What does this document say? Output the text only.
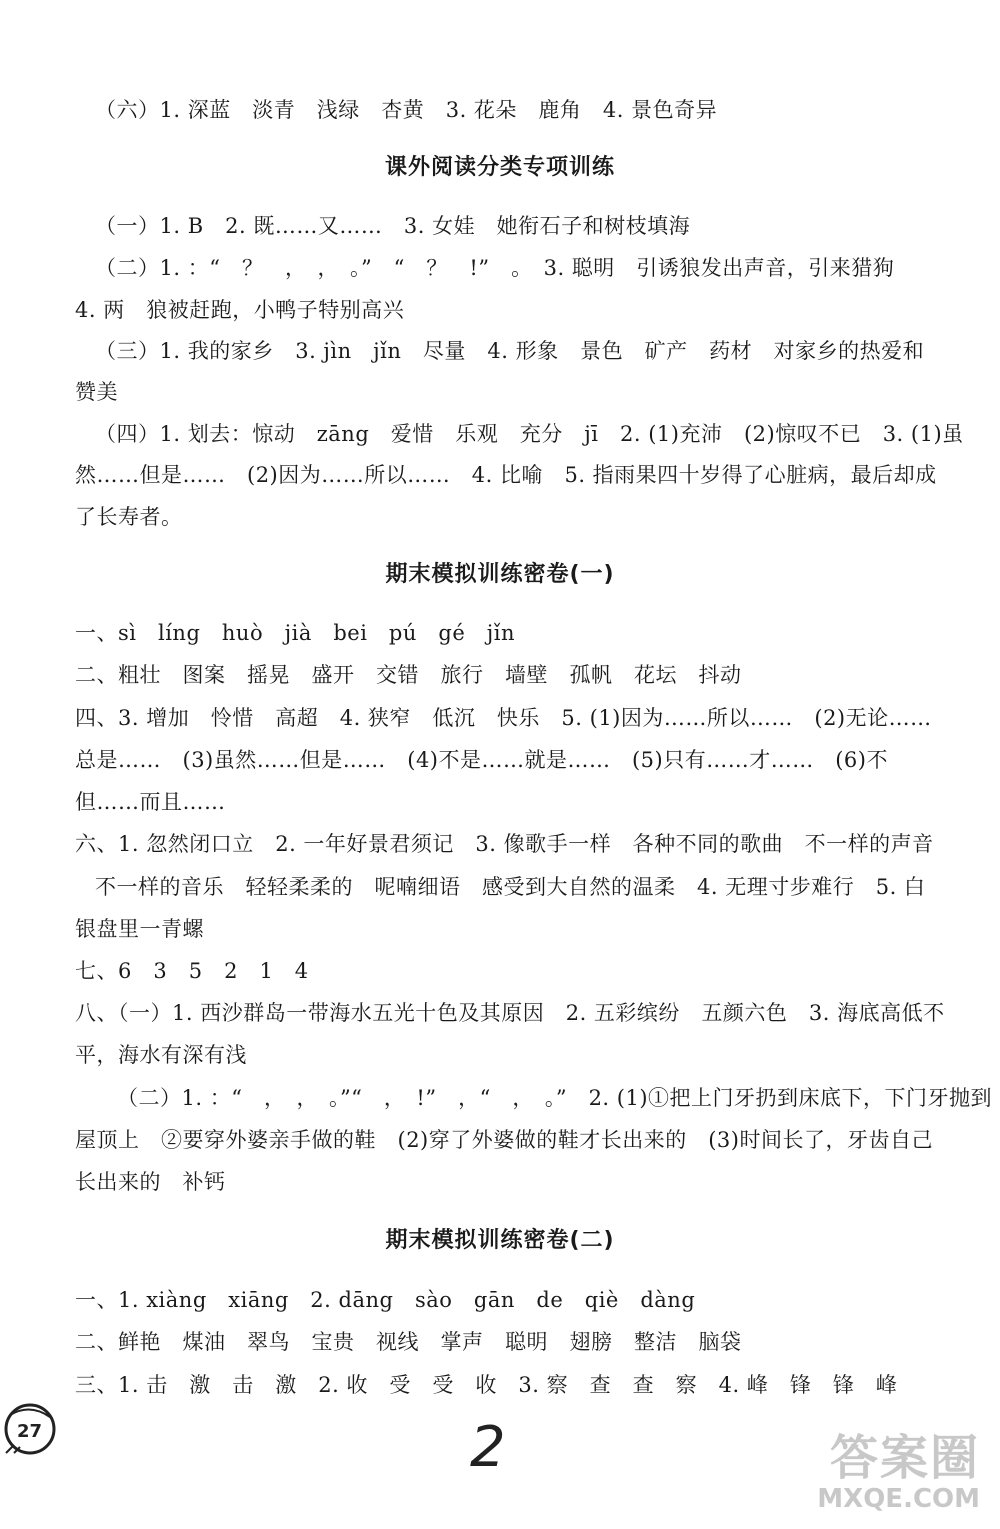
（六）1. 深蓝　淡青　浅绿　杏黄　3. 花朵　鹿角　4. 景色奇异
课外阅读分类专项训练
（一）1. B　2. 既……又……　3. 女娃　她衔石子和树枝填海
（二）1. ：“　？　，　，　。”　“　？　!”　。　3. 聪明　引诱狼发出声音，引来猎狗
4. 两　狼被赶跑，小鸭子特别高兴
（三）1. 我的家乡　3. jìn　jǐn　尽量　4. 形象　景色　矿产　药材　对家乡的热爱和
赞美
（四）1. 划去：惊动　zāng　爱惜　乐观　充分　jī　2. (1)充沛　(2)惊叹不已　3. (1)虽
然……但是……　(2)因为……所以……　4. 比喻　5. 指雨果四十岁得了心脏病，最后却成
了长寿者。
期末模拟训练密卷(一)
一、sì　líng　huò　jià　bei　pú　gé　jǐn
二、粗壮　图案　摇晃　盛开　交错　旅行　墙壁　孤帆　花坛　抖动
四、3. 增加　怜惜　高超　4. 狭窄　低沉　快乐　5. (1)因为……所以……　(2)无论……
总是……　(3)虽然……但是……　(4)不是……就是……　(5)只有……才……　(6)不
但……而且……
六、1. 忽然闭口立　2. 一年好景君须记　3. 像歌手一样　各种不同的歌曲　不一样的声音
不一样的音乐　轻轻柔柔的　呢喃细语　感受到大自然的温柔　4. 无理寸步难行　5. 白
银盘里一青螺
七、6　3　5　2　1　4
八、（一）1. 西沙群岛一带海水五光十色及其原因　2. 五彩缤纷　五颜六色　3. 海底高低不
平，海水有深有浅
（二）1. ：“　，　，　。”“　，　!”　，“　，　。”　2. (1)①把上门牙扔到床底下，下门牙抛到
屋顶上　②要穿外婆亲手做的鞋　(2)穿了外婆做的鞋才长出来的　(3)时间长了，牙齿自己
长出来的　补钙
期末模拟训练密卷(二)
一、1. xiàng　xiāng　2. dāng　sào　gān　de　qiè　dàng
二、鲜艳　煤油　翠鸟　宝贵　视线　掌声　聪明　翅膀　整洁　脑袋
三、1. 击　激　击　激　2. 收　受　受　收　3. 察　查　查　察　4. 峰　锋　锋　峰
27	2	答案圈
MXQE.COM
